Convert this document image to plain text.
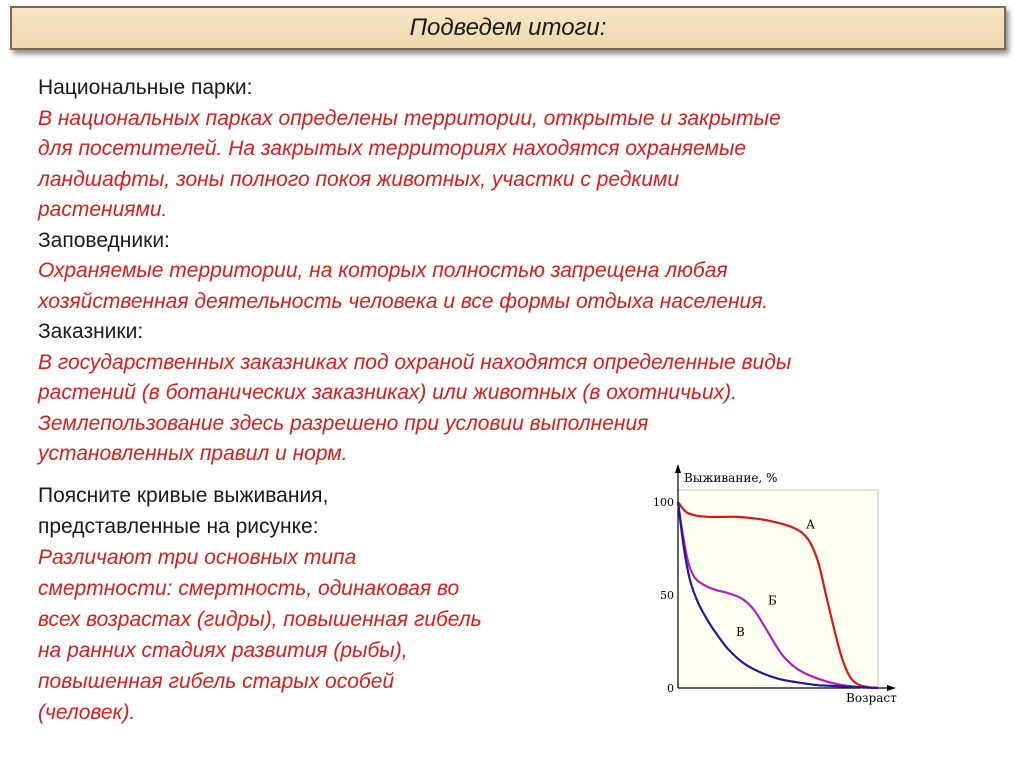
Подведем итоги:
Национальные парки:
В национальных парках определены территории, открытые и закрытые
для посетителей. На закрытых территориях находятся охраняемые
ландшафты, зоны полного покоя животных, участки с редкими
растениями.
Заповедники:
Охраняемые территории, на которых полностью запрещена любая
хозяйственная деятельность человека и все формы отдыха населения.
Заказники:
В государственных заказниках под охраной находятся определенные виды
растений (в ботанических заказниках) или животных (в охотничьих).
Землепользование здесь разрешено при условии выполнения
установленных правил и норм.
Поясните кривые выживания,
представленные на рисунке:
Различают три основных типа
смертности: смертность, одинаковая во
всех возрастах (гидры), повышенная гибель
на ранних стадиях развития (рыбы),
повышенная гибель старых особей
(человек).
Выживание, %
Возраст
0
50
100
А
Б
В
